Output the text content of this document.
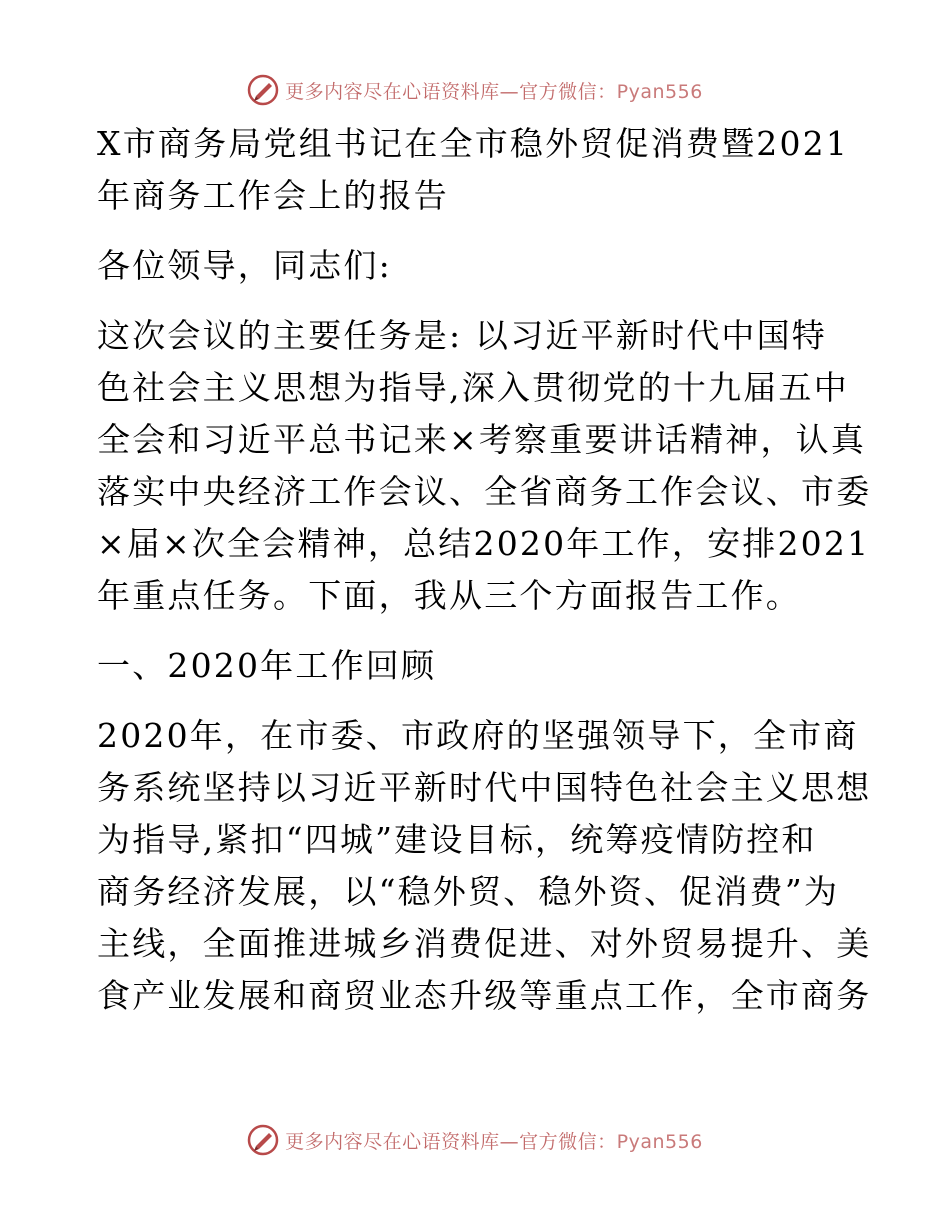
更多内容尽在心语资料库—官方微信：Pyan556

X市商务局党组书记在全市稳外贸促消费暨2021

年商务工作会上的报告

各位领导，同志们:

这次会议的主要任务是: 以习近平新时代中国特

色社会主义思想为指导,深入贯彻党的十九届五中

全会和习近平总书记来×考察重要讲话精神，认真

落实中央经济工作会议、全省商务工作会议、市委

×届×次全会精神，总结2020年工作，安排2021

年重点任务。下面，我从三个方面报告工作。

一、2020年工作回顾

2020年，在市委、市政府的坚强领导下，全市商

务系统坚持以习近平新时代中国特色社会主义思想

为指导,紧扣“四城”建设目标，统筹疫情防控和

商务经济发展，以“稳外贸、稳外资、促消费”为

主线，全面推进城乡消费促进、对外贸易提升、美

食产业发展和商贸业态升级等重点工作，全市商务

更多内容尽在心语资料库—官方微信：Pyan556
